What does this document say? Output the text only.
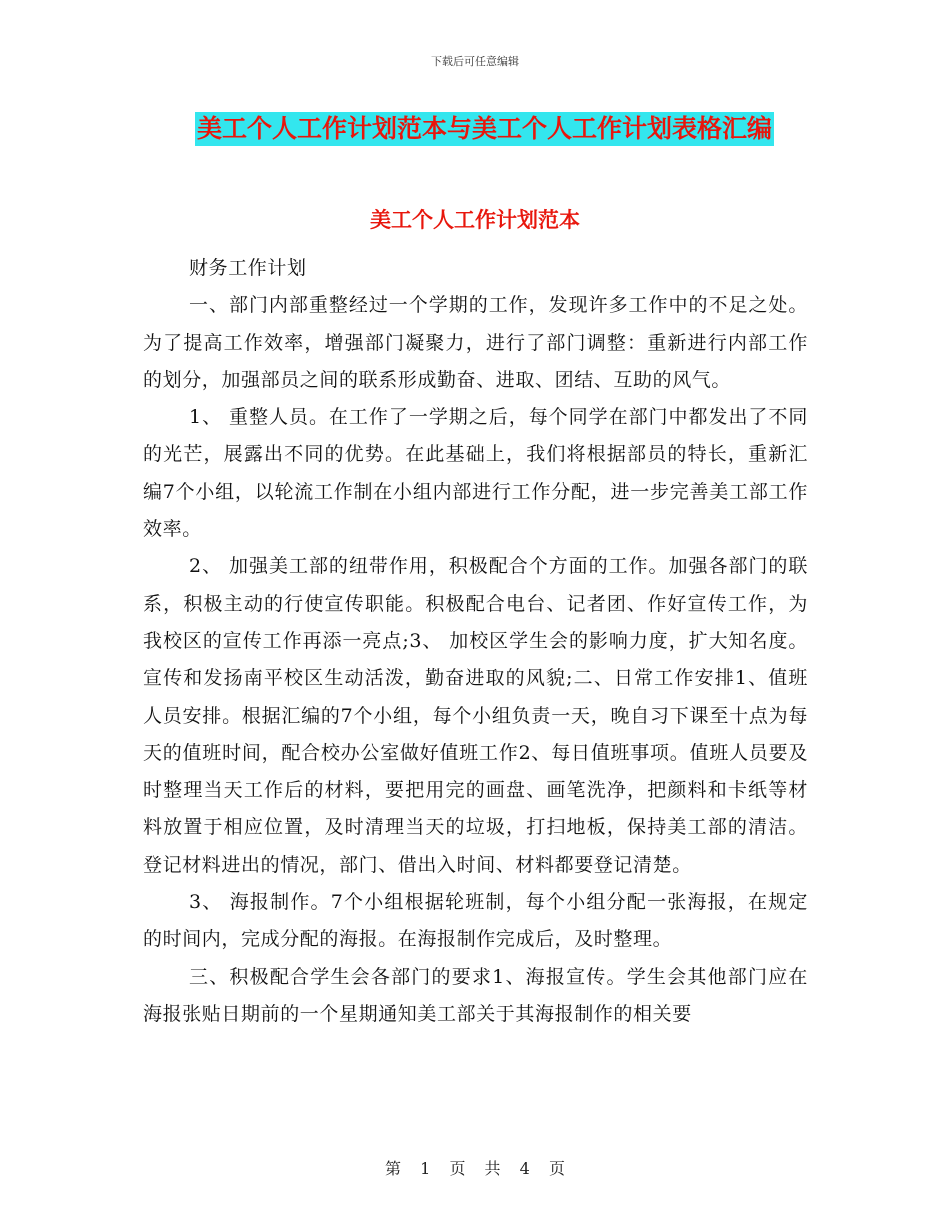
下载后可任意编辑
美工个人工作计划范本与美工个人工作计划表格汇编
美工个人工作计划范本

财务工作计划

一、部门内部重整经过一个学期的工作，发现许多工作中的不足之处。为了提高工作效率，增强部门凝聚力，进行了部门调整：重新进行内部工作的划分，加强部员之间的联系形成勤奋、进取、团结、互助的风气。

1、 重整人员。在工作了一学期之后，每个同学在部门中都发出了不同的光芒，展露出不同的优势。在此基础上，我们将根据部员的特长，重新汇编7个小组，以轮流工作制在小组内部进行工作分配，进一步完善美工部工作效率。

2、 加强美工部的纽带作用，积极配合个方面的工作。加强各部门的联系，积极主动的行使宣传职能。积极配合电台、记者团、作好宣传工作，为我校区的宣传工作再添一亮点;3、 加校区学生会的影响力度，扩大知名度。宣传和发扬南平校区生动活泼，勤奋进取的风貌;二、日常工作安排1、值班人员安排。根据汇编的7个小组，每个小组负责一天，晚自习下课至十点为每天的值班时间，配合校办公室做好值班工作2、每日值班事项。值班人员要及时整理当天工作后的材料，要把用完的画盘、画笔洗净，把颜料和卡纸等材料放置于相应位置，及时清理当天的垃圾，打扫地板，保持美工部的清洁。登记材料进出的情况，部门、借出入时间、材料都要登记清楚。

3、 海报制作。7个小组根据轮班制，每个小组分配一张海报，在规定的时间内，完成分配的海报。在海报制作完成后，及时整理。

三、积极配合学生会各部门的要求1、海报宣传。学生会其他部门应在海报张贴日期前的一个星期通知美工部关于其海报制作的相关要

第 1 页 共 4 页
